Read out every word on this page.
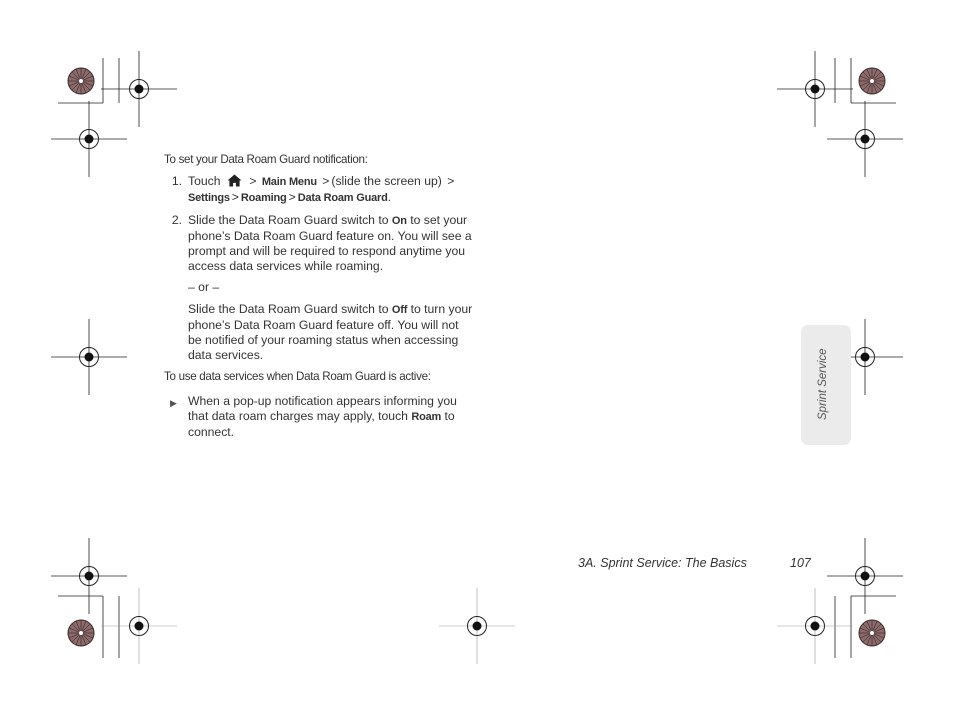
To set your Data Roam Guard notification:

1. Touch > Main Menu > (slide the screen up) >
Settings > Roaming > Data Roam Guard.
2. Slide the Data Roam Guard switch to On to set your phone’s Data Roam Guard feature on. You will see a prompt and will be required to respond anytime you access data services while roaming.
– or –
Slide the Data Roam Guard switch to Off to turn your phone’s Data Roam Guard feature off. You will not be notified of your roaming status when accessing data services.

To use data services when Data Roam Guard is active:

▶ When a pop-up notification appears informing you that data roam charges may apply, touch Roam to connect.
Sprint Service
3A. Sprint Service: The Basics	107
